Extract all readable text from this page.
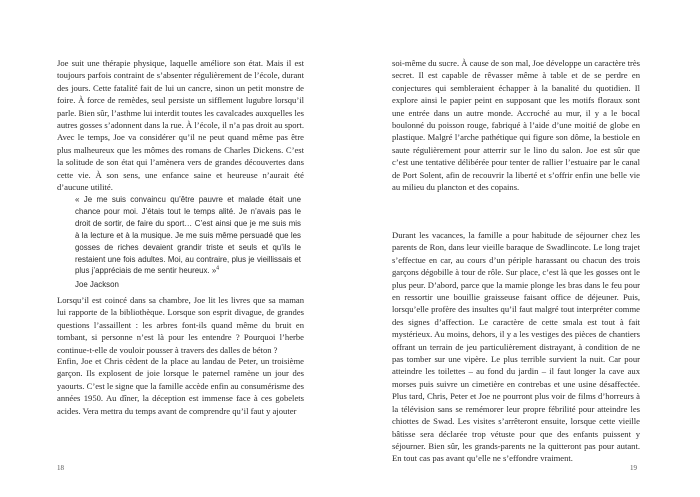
Joe suit une thérapie physique, laquelle améliore son état. Mais il est toujours parfois contraint de s’absenter régulièrement de l’école, durant des jours. Cette fatalité fait de lui un cancre, sinon un petit monstre de foire. À force de remèdes, seul persiste un sifflement lugubre lorsqu’il parle. Bien sûr, l’asthme lui interdit toutes les cavalcades auxquelles les autres gosses s’adonnent dans la rue. À l’école, il n’a pas droit au sport. Avec le temps, Joe va considérer qu’il ne peut quand même pas être plus malheureux que les mômes des romans de Charles Dickens. C’est la solitude de son état qui l’amènera vers de grandes découvertes dans cette vie. À son sens, une enfance saine et heureuse n’aurait été d’aucune utilité.

« Je me suis convaincu qu’être pauvre et malade était une chance pour moi. J’étais tout le temps alité. Je n’avais pas le droit de sortir, de faire du sport… C’est ainsi que je me suis mis à la lecture et à la musique. Je me suis même persuadé que les gosses de riches devaient grandir triste et seuls et qu’ils le restaient une fois adultes. Moi, au contraire, plus je vieillissais et plus j’appréciais de me sentir heureux. »$^4$
Joe Jackson

Lorsqu’il est coincé dans sa chambre, Joe lit les livres que sa maman lui rapporte de la bibliothèque. Lorsque son esprit divague, de grandes questions l’assaillent : les arbres font-ils quand même du bruit en tombant, si personne n’est là pour les entendre ? Pourquoi l’herbe continue-t-elle de vouloir pousser à travers des dalles de béton ?

Enfin, Joe et Chris cèdent de la place au landau de Peter, un troisième garçon. Ils explosent de joie lorsque le paternel ramène un jour des yaourts. C’est le signe que la famille accède enfin au consumérisme des années 1950. Au dîner, la déception est immense face à ces gobelets acides. Vera mettra du temps avant de comprendre qu’il faut y ajouter

18

soi-même du sucre. À cause de son mal, Joe développe un caractère très secret. Il est capable de rêvasser même à table et de se perdre en conjectures qui sembleraient échapper à la banalité du quotidien. Il explore ainsi le papier peint en supposant que les motifs floraux sont une entrée dans un autre monde. Accroché au mur, il y a le bocal boulonné du poisson rouge, fabriqué à l’aide d’une moitié de globe en plastique. Malgré l’arche pathétique qui figure son dôme, la bestiole en saute régulièrement pour atterrir sur le lino du salon. Joe est sûr que c’est une tentative délibérée pour tenter de rallier l’estuaire par le canal de Port Solent, afin de recouvrir la liberté et s’offrir enfin une belle vie au milieu du plancton et des copains.

Durant les vacances, la famille a pour habitude de séjourner chez les parents de Ron, dans leur vieille baraque de Swadlincote. Le long trajet s’effectue en car, au cours d’un périple harassant ou chacun des trois garçons dégobille à tour de rôle. Sur place, c’est là que les gosses ont le plus peur. D’abord, parce que la mamie plonge les bras dans le feu pour en ressortir une bouillie graisseuse faisant office de déjeuner. Puis, lorsqu’elle profère des insultes qu’il faut malgré tout interpréter comme des signes d’affection. Le caractère de cette smala est tout à fait mystérieux. Au moins, dehors, il y a les vestiges des pièces de chantiers offrant un terrain de jeu particulièrement distrayant, à condition de ne pas tomber sur une vipère. Le plus terrible survient la nuit. Car pour atteindre les toilettes – au fond du jardin – il faut longer la cave aux morses puis suivre un cimetière en contrebas et une usine désaffectée. Plus tard, Chris, Peter et Joe ne pourront plus voir de films d’horreurs à la télévision sans se remémorer leur propre fébrilité pour atteindre les chiottes de Swad. Les visites s’arrêteront ensuite, lorsque cette vieille bâtisse sera déclarée trop vétuste pour que des enfants puissent y séjourner. Bien sûr, les grands-parents ne la quitteront pas pour autant. En tout cas pas avant qu’elle ne s’effondre vraiment.

19
